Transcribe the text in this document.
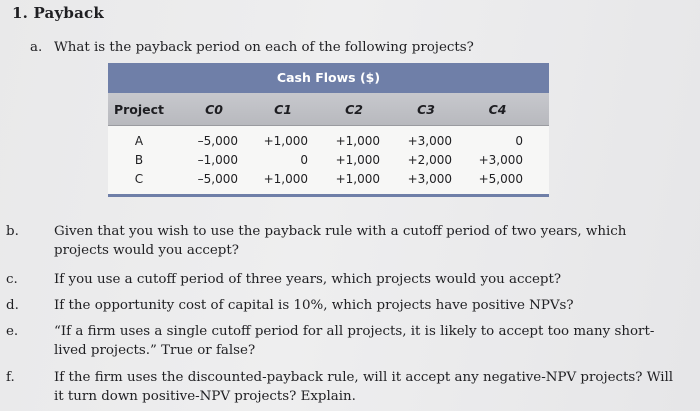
1. Payback
a. What is the payback period on each of the following projects?
Cash Flows ($)
Project	C0	C1	C2	C3	C4
A	–5,000	+1,000	+1,000	+3,000	0
B	–1,000	0	+1,000	+2,000	+3,000
C	–5,000	+1,000	+1,000	+3,000	+5,000
b.	Given that you wish to use the payback rule with a cutoff period of two years, which projects would you accept?
c.	If you use a cutoff period of three years, which projects would you accept?
d.	If the opportunity cost of capital is 10%, which projects have positive NPVs?
e.	“If a firm uses a single cutoff period for all projects, it is likely to accept too many short-lived projects.” True or false?
f.	If the firm uses the discounted-payback rule, will it accept any negative-NPV projects? Will it turn down positive-NPV projects? Explain.
